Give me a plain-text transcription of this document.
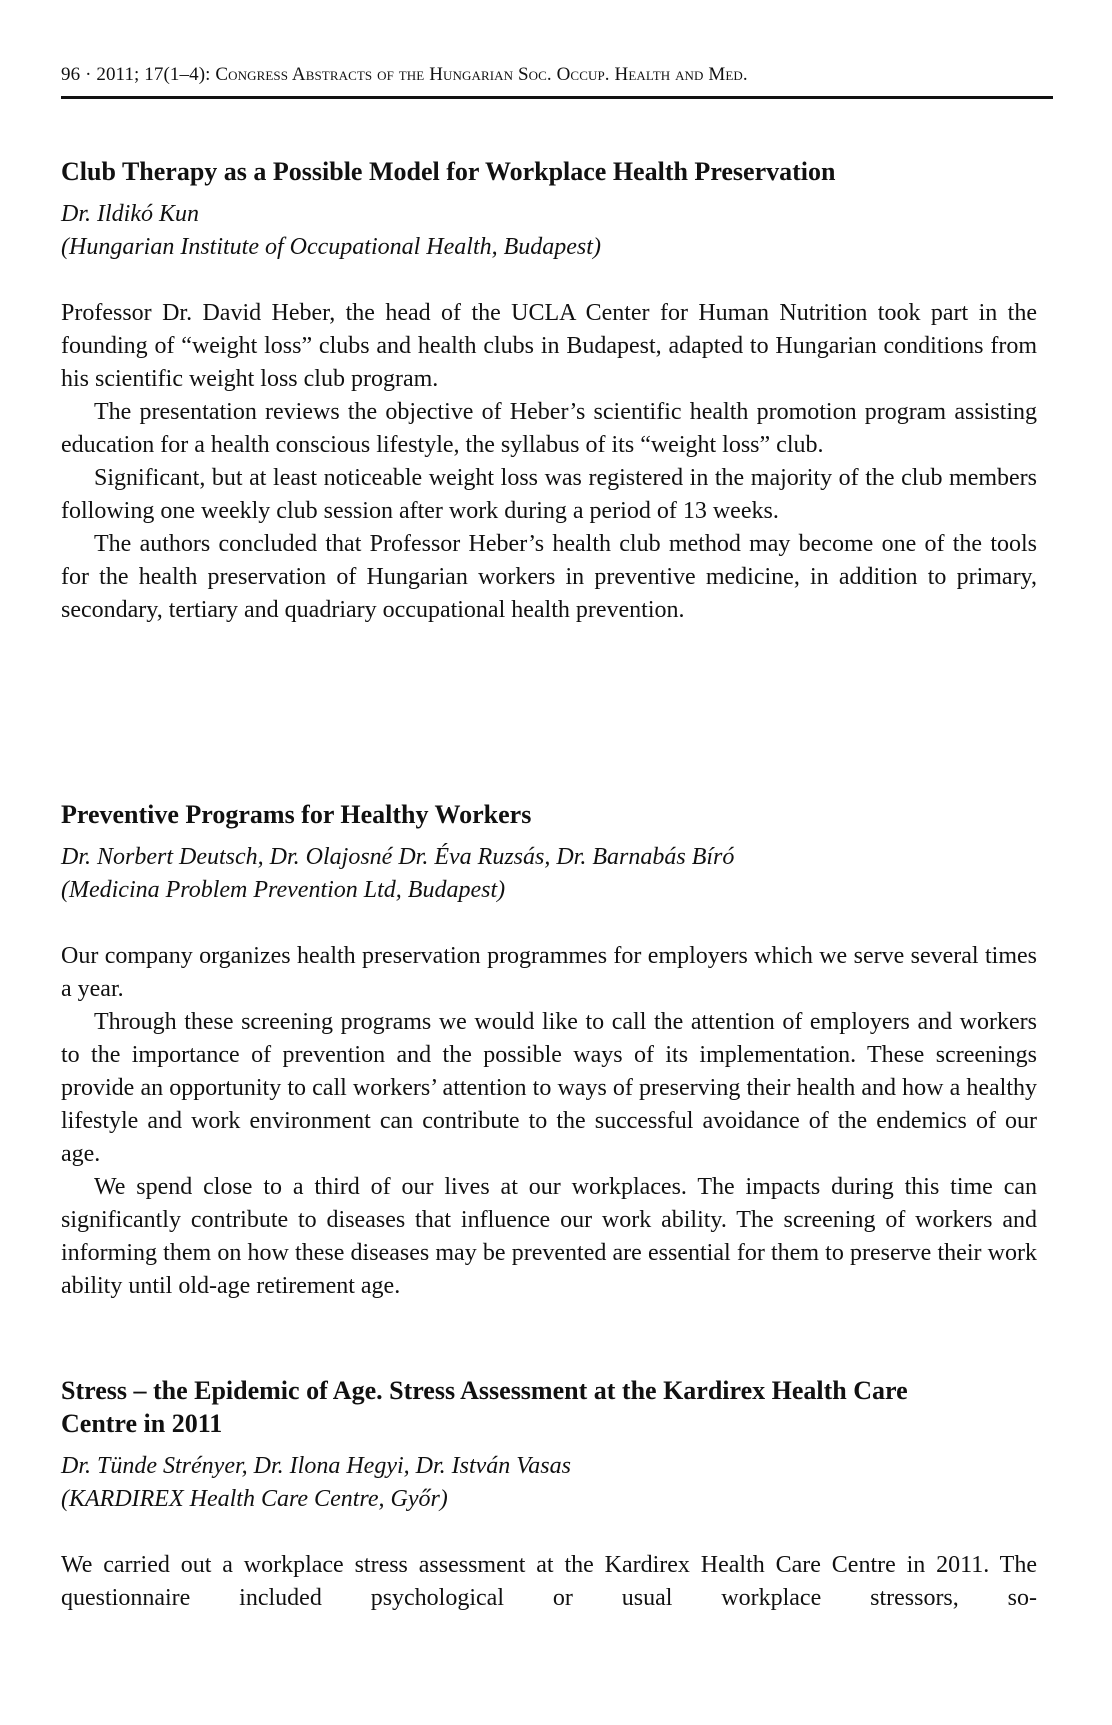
96 · 2011; 17(1–4): Congress Abstracts of the Hungarian Soc. Occup. Health and Med.
Club Therapy as a Possible Model for Workplace Health Preservation

Dr. Ildikó Kun

(Hungarian Institute of Occupational Health, Budapest)

Professor Dr. David Heber, the head of the UCLA Center for Human Nutrition took part in the founding of “weight loss” clubs and health clubs in Budapest, adapted to Hungarian conditions from his scientific weight loss club program.

The presentation reviews the objective of Heber’s scientific health promotion program assisting education for a health conscious lifestyle, the syllabus of its “weight loss” club.

Significant, but at least noticeable weight loss was registered in the majority of the club members following one weekly club session after work during a period of 13 weeks.

The authors concluded that Professor Heber’s health club method may become one of the tools for the health preservation of Hungarian workers in preventive medicine, in addition to primary, secondary, tertiary and quadriary occupational health prevention.

Preventive Programs for Healthy Workers

Dr. Norbert Deutsch, Dr. Olajosné Dr. Éva Ruzsás, Dr. Barnabás Bíró

(Medicina Problem Prevention Ltd, Budapest)

Our company organizes health preservation programmes for employers which we serve several times a year.

Through these screening programs we would like to call the attention of employers and workers to the importance of prevention and the possible ways of its implementation. These screenings provide an opportunity to call workers’ attention to ways of preserving their health and how a healthy lifestyle and work environment can contribute to the successful avoidance of the endemics of our age.

We spend close to a third of our lives at our workplaces. The impacts during this time can significantly contribute to diseases that influence our work ability. The screening of workers and informing them on how these diseases may be prevented are essential for them to preserve their work ability until old-age retirement age.

Stress – the Epidemic of Age. Stress Assessment at the Kardirex Health Care Centre in 2011

Dr. Tünde Strényer, Dr. Ilona Hegyi, Dr. István Vasas

(KARDIREX Health Care Centre, Győr)

We carried out a workplace stress assessment at the Kardirex Health Care Centre in 2011. The questionnaire included psychological or usual workplace stressors, so-
